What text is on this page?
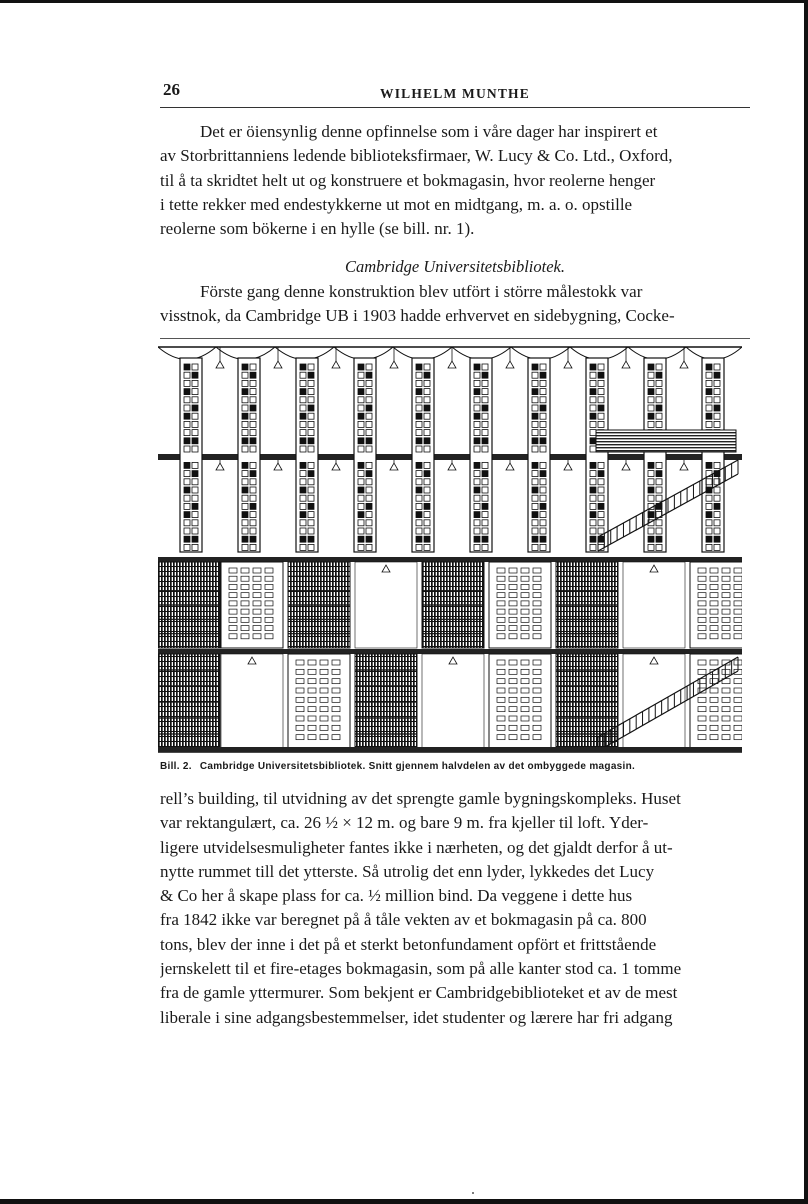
26	WILHELM MUNTHE
Det er öiensynlig denne opfinnelse som i våre dager har inspirert et
av Storbrittanniens ledende biblioteksfirmaer, W. Lucy & Co. Ltd., Oxford,
til å ta skridtet helt ut og konstruere et bokmagasin, hvor reolerne henger
i tette rekker med endestykkerne ut mot en midtgang, m. a. o. opstille
reolerne som bökerne i en hylle (se bill. nr. 1).
Cambridge Universitetsbibliotek.
Förste gang denne konstruktion blev utfört i större målestokk var
visstnok, da Cambridge UB i 1903 hadde erhvervet en sidebygning, Cocke-
Bill. 2. Cambridge Universitetsbibliotek. Snitt gjennem halvdelen av det ombyggede magasin.
rell’s building, til utvidning av det sprengte gamle bygningskompleks. Huset
var rektangulært, ca. 26 ½ × 12 m. og bare 9 m. fra kjeller til loft. Yder-
ligere utvidelsesmuligheter fantes ikke i nærheten, og det gjaldt derfor å ut-
nytte rummet till det ytterste. Så utrolig det enn lyder, lykkedes det Lucy
& Co her å skape plass for ca. ½ million bind. Da veggene i dette hus
fra 1842 ikke var beregnet på å tåle vekten av et bokmagasin på ca. 800
tons, blev der inne i det på et sterkt betonfundament opfört et frittstående
jernskelett til et fire-etages bokmagasin, som på alle kanter stod ca. 1 tomme
fra de gamle yttermurer. Som bekjent er Cambridgebiblioteket et av de mest
liberale i sine adgangsbestemmelser, idet studenter og lærere har fri adgang
